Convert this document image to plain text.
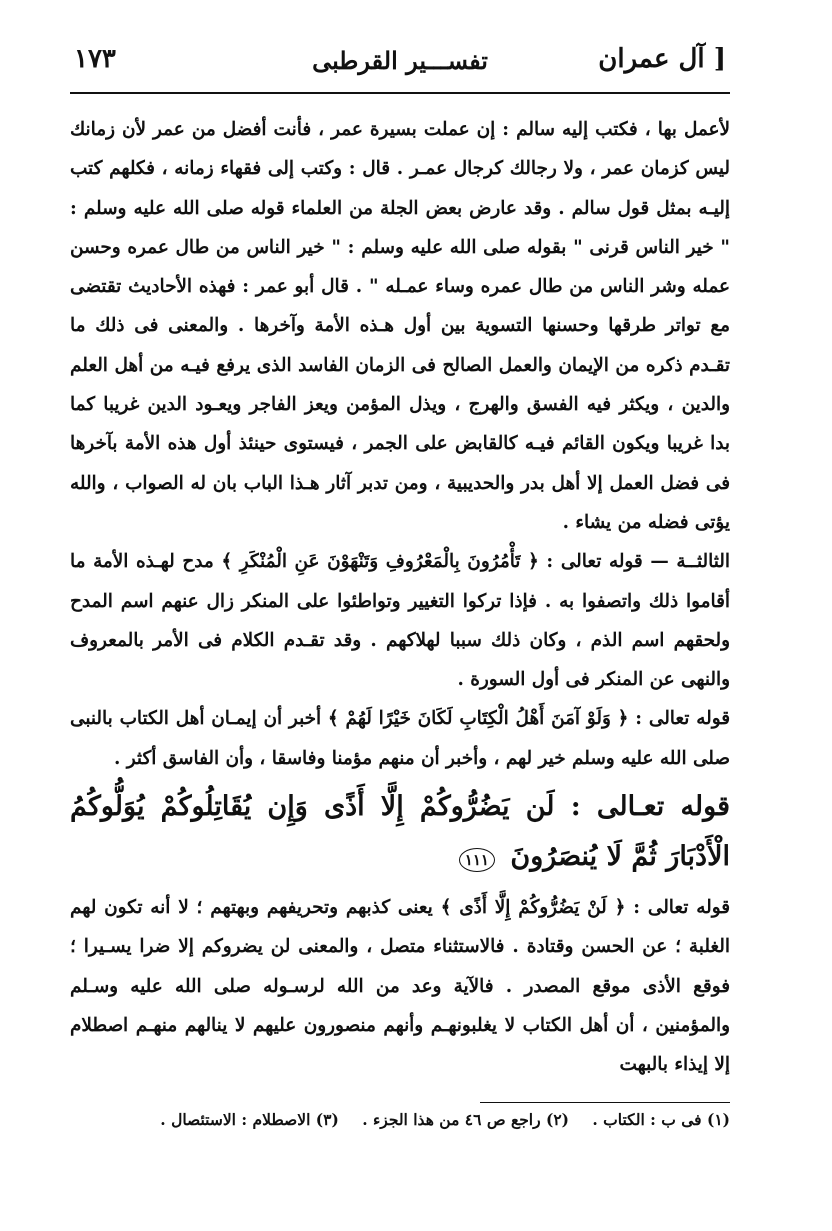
[ آل عمران
تفســـير القرطبى
١٧٣

لأعمل بها ، فكتب إليه سالم : إن عملت بسيرة عمر ، فأنت أفضل من عمر لأن زمانك ليس كزمان عمر ، ولا رجالك كرجال عمـر . قال : وكتب إلى فقهاء زمانه ، فكلهم كتب إليـه بمثل قول سالم . وقد عارض بعض الجلة من العلماء قوله صلى الله عليه وسلم : " خير الناس قرنى " بقوله صلى الله عليه وسلم : " خير الناس من طال عمره وحسن عمله وشر الناس من طال عمره وساء عمـله " . قال أبو عمر : فهذه الأحاديث تقتضى مع تواتر طرقها وحسنها التسوية بين أول هـذه الأمة وآخرها . والمعنى فى ذلك ما تقـدم ذكره من الإيمان والعمل الصالح فى الزمان الفاسد الذى يرفع فيـه من أهل العلم والدين ، ويكثر فيه الفسق والهرج ، ويذل المؤمن ويعز الفاجر ويعـود الدين غريبا كما بدا غريبا ويكون القائم فيـه كالقابض على الجمر ، فيستوى حينئذ أول هذه الأمة بآخرها فى فضل العمل إلا أهل بدر والحديبية ، ومن تدبر آثار هـذا الباب بان له الصواب ، والله يؤتى فضله من يشاء .

الثالثــة — قوله تعالى : ﴿ تَأْمُرُونَ بِالْمَعْرُوفِ وَتَنْهَوْنَ عَنِ الْمُنْكَرِ ﴾ مدح لهـذه الأمة ما أقاموا ذلك واتصفوا به . فإذا تركوا التغيير وتواطئوا على المنكر زال عنهم اسم المدح ولحقهم اسم الذم ، وكان ذلك سببا لهلاكهم . وقد تقـدم الكلام فى الأمر بالمعروف والنهى عن المنكر فى أول السورة .

قوله تعالى : ﴿ وَلَوْ آمَنَ أَهْلُ الْكِتَابِ لَكَانَ خَيْرًا لَهُمْ ﴾ أخبر أن إيمـان أهل الكتاب بالنبى صلى الله عليه وسلم خير لهم ، وأخبر أن منهم مؤمنا وفاسقا ، وأن الفاسق أكثر .

قوله تعـالى : لَن يَضُرُّوكُمْ إِلَّا أَذًى وَإِن يُقَاتِلُوكُمْ يُوَلُّوكُمُ الْأَدْبَارَ ثُمَّ لَا يُنصَرُونَ ١١١

قوله تعالى : ﴿ لَنْ يَضُرُّوكُمْ إِلَّا أَذًى ﴾ يعنى كذبهم وتحريفهم وبهتهم ؛ لا أنه تكون لهم الغلبة ؛ عن الحسن وقتادة . فالاستثناء متصل ، والمعنى لن يضروكم إلا ضرا يسـيرا ؛ فوقع الأذى موقع المصدر . فالآية وعد من الله لرسـوله صلى الله عليه وسـلم والمؤمنين ، أن أهل الكتاب لا يغلبونهـم وأنهم منصورون عليهم لا ينالهم منهـم اصطلام إلا إيذاء بالبهت

(١) فى ب : الكتاب . (٢) راجع ص ٤٦ من هذا الجزء . (٣) الاصطلام : الاستئصال .
